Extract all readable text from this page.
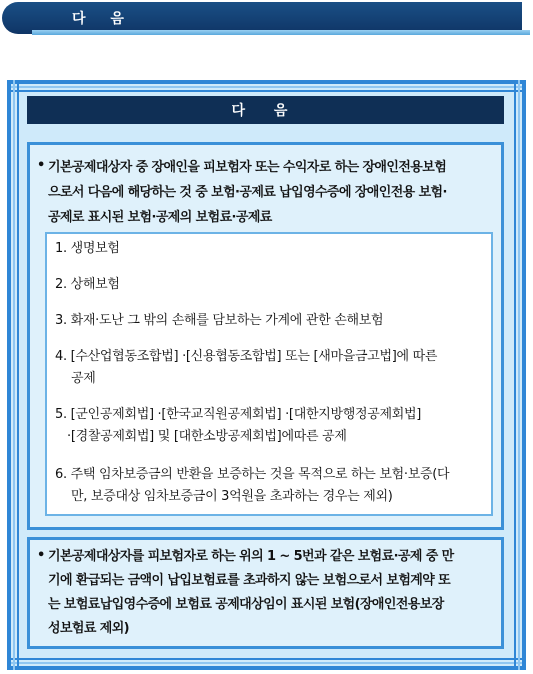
다 음
다 음
• 기본공제대상자 중 장애인을 피보험자 또는 수익자로 하는 장애인전용보험
으로서 다음에 해당하는 것 중 보험·공제료 납입영수증에 장애인전용 보험·
공제로 표시된 보험·공제의 보험료·공제료
1. 생명보험
2. 상해보험
3. 화재·도난 그 밖의 손해를 담보하는 가계에 관한 손해보험
4. [수산업협동조합법] ·[신용협동조합법] 또는 [새마을금고법]에 따른
공제
5. [군인공제회법] ·[한국교직원공제회법] ·[대한지방행정공제회법]
·[경찰공제회법] 및 [대한소방공제회법]에따른 공제
6. 주택 임차보증금의 반환을 보증하는 것을 목적으로 하는 보험·보증(다
만, 보증대상 임차보증금이 3억원을 초과하는 경우는 제외)
• 기본공제대상자를 피보험자로 하는 위의 1 ~ 5번과 같은 보험료·공제 중 만
기에 환급되는 금액이 납입보험료를 초과하지 않는 보험으로서 보험계약 또
는 보험료납입영수증에 보험료 공제대상임이 표시된 보험(장애인전용보장
성보험료 제외)
